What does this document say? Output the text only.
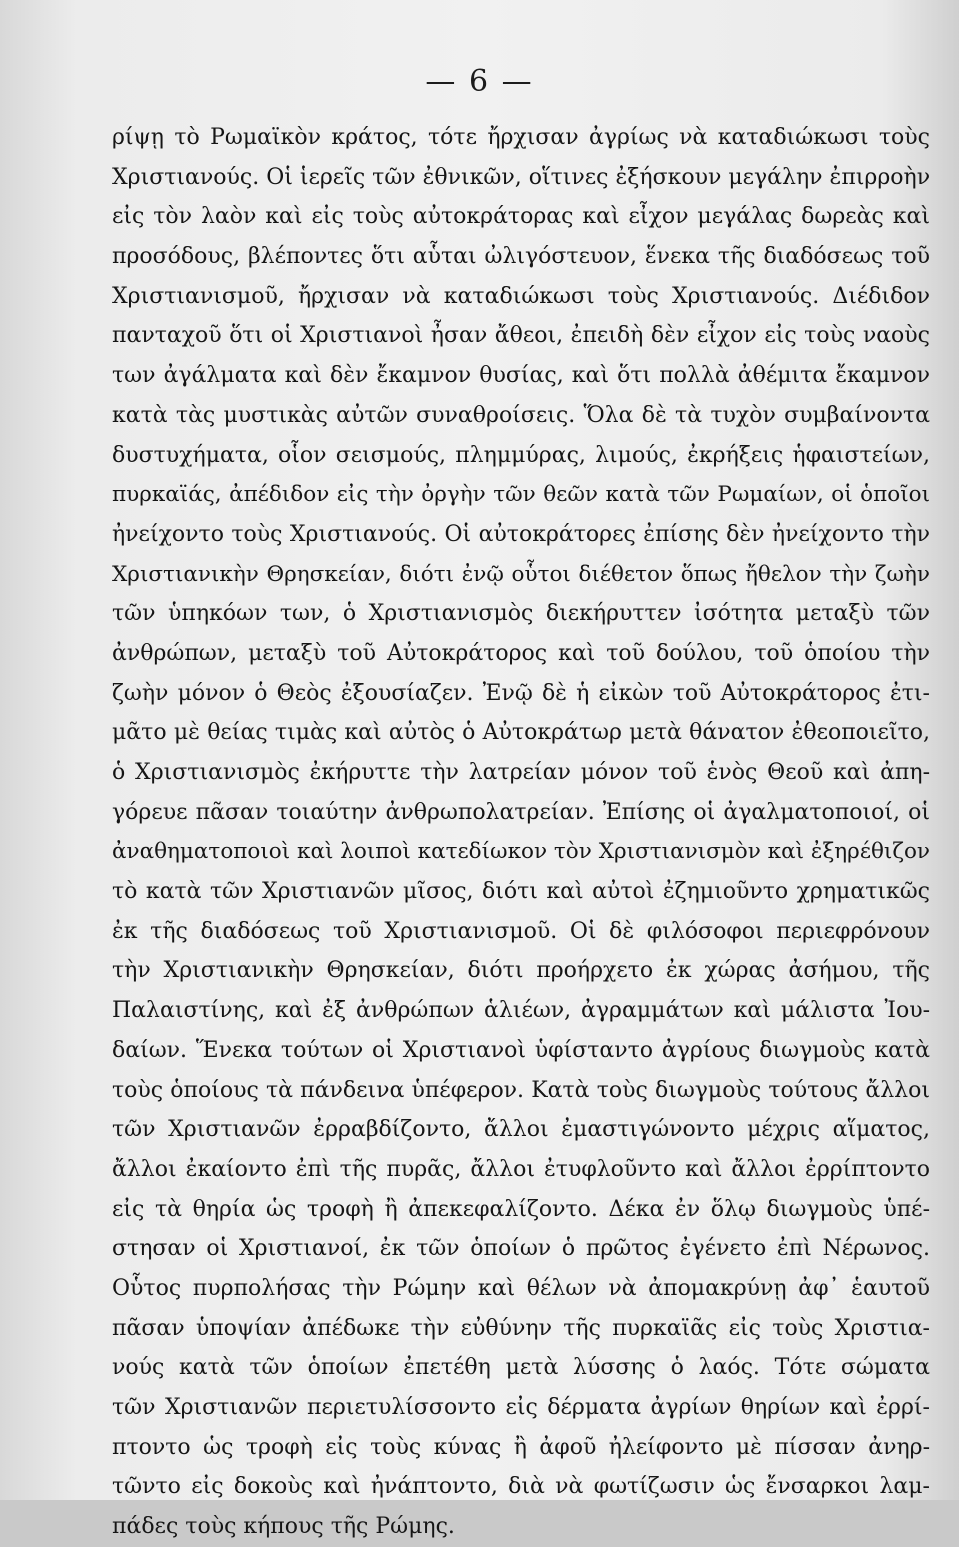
— 6 —
ρίψῃ τὸ Ρωμαϊκὸν κράτος, τότε ἤρχισαν ἀγρίως νὰ καταδιώκωσι τοὺς
Χριστιανούς. Οἱ ἱερεῖς τῶν ἐθνικῶν, οἵτινες ἐξήσκουν μεγάλην ἐπιρροὴν
εἰς τὸν λαὸν καὶ εἰς τοὺς αὐτοκράτορας καὶ εἶχον μεγάλας δωρεὰς καὶ
προσόδους, βλέποντες ὅτι αὗται ὠλιγόστευον, ἕνεκα τῆς διαδόσεως τοῦ
Χριστιανισμοῦ, ἤρχισαν νὰ καταδιώκωσι τοὺς Χριστιανούς. Διέδιδον
πανταχοῦ ὅτι οἱ Χριστιανοὶ ἦσαν ἄθεοι, ἐπειδὴ δὲν εἶχον εἰς τοὺς ναοὺς
των ἀγάλματα καὶ δὲν ἔκαμνον θυσίας, καὶ ὅτι πολλὰ ἀθέμιτα ἔκαμνον
κατὰ τὰς μυστικὰς αὐτῶν συναθροίσεις. Ὅλα δὲ τὰ τυχὸν συμβαίνοντα
δυστυχήματα, οἷον σεισμούς, πλημμύρας, λιμούς, ἐκρήξεις ἡφαιστείων,
πυρκαϊάς, ἀπέδιδον εἰς τὴν ὀργὴν τῶν θεῶν κατὰ τῶν Ρωμαίων, οἱ ὁποῖοι
ἠνείχοντο τοὺς Χριστιανούς. Οἱ αὐτοκράτορες ἐπίσης δὲν ἠνείχοντο τὴν
Χριστιανικὴν Θρησκείαν, διότι ἐνῷ οὗτοι διέθετον ὅπως ἤθελον τὴν ζωὴν
τῶν ὑπηκόων των, ὁ Χριστιανισμὸς διεκήρυττεν ἰσότητα μεταξὺ τῶν
ἀνθρώπων, μεταξὺ τοῦ Αὐτοκράτορος καὶ τοῦ δούλου, τοῦ ὁποίου τὴν
ζωὴν μόνον ὁ Θεὸς ἐξουσίαζεν. Ἐνῷ δὲ ἡ εἰκὼν τοῦ Αὐτοκράτορος ἐτι-
μᾶτο μὲ θείας τιμὰς καὶ αὐτὸς ὁ Αὐτοκράτωρ μετὰ θάνατον ἐθεοποιεῖτο,
ὁ Χριστιανισμὸς ἐκήρυττε τὴν λατρείαν μόνον τοῦ ἑνὸς Θεοῦ καὶ ἀπη-
γόρευε πᾶσαν τοιαύτην ἀνθρωπολατρείαν. Ἐπίσης οἱ ἀγαλματοποιοί, οἱ
ἀναθηματοποιοὶ καὶ λοιποὶ κατεδίωκον τὸν Χριστιανισμὸν καὶ ἐξηρέθιζον
τὸ κατὰ τῶν Χριστιανῶν μῖσος, διότι καὶ αὐτοὶ ἐζημιοῦντο χρηματικῶς
ἐκ τῆς διαδόσεως τοῦ Χριστιανισμοῦ. Οἱ δὲ φιλόσοφοι περιεφρόνουν
τὴν Χριστιανικὴν Θρησκείαν, διότι προήρχετο ἐκ χώρας ἀσήμου, τῆς
Παλαιστίνης, καὶ ἐξ ἀνθρώπων ἁλιέων, ἀγραμμάτων καὶ μάλιστα Ἰου-
δαίων. Ἕνεκα τούτων οἱ Χριστιανοὶ ὑφίσταντο ἀγρίους διωγμοὺς κατὰ
τοὺς ὁποίους τὰ πάνδεινα ὑπέφερον. Κατὰ τοὺς διωγμοὺς τούτους ἄλλοι
τῶν Χριστιανῶν ἐρραβδίζοντο, ἄλλοι ἐμαστιγώνοντο μέχρις αἵματος,
ἄλλοι ἐκαίοντο ἐπὶ τῆς πυρᾶς, ἄλλοι ἐτυφλοῦντο καὶ ἄλλοι ἐρρίπτοντο
εἰς τὰ θηρία ὡς τροφὴ ἢ ἀπεκεφαλίζοντο. Δέκα ἐν ὅλῳ διωγμοὺς ὑπέ-
στησαν οἱ Χριστιανοί, ἐκ τῶν ὁποίων ὁ πρῶτος ἐγένετο ἐπὶ Νέρωνος.
Οὗτος πυρπολήσας τὴν Ρώμην καὶ θέλων νὰ ἀπομακρύνῃ ἀφ᾽ ἑαυτοῦ
πᾶσαν ὑποψίαν ἀπέδωκε τὴν εὐθύνην τῆς πυρκαϊᾶς εἰς τοὺς Χριστια-
νούς κατὰ τῶν ὁποίων ἐπετέθη μετὰ λύσσης ὁ λαός. Τότε σώματα
τῶν Χριστιανῶν περιετυλίσσοντο εἰς δέρματα ἀγρίων θηρίων καὶ ἐρρί-
πτοντο ὡς τροφὴ εἰς τοὺς κύνας ἢ ἀφοῦ ἠλείφοντο μὲ πίσσαν ἀνηρ-
τῶντο εἰς δοκοὺς καὶ ἠνάπτοντο, διὰ νὰ φωτίζωσιν ὡς ἔνσαρκοι λαμ-
πάδες τοὺς κήπους τῆς Ρώμης.
